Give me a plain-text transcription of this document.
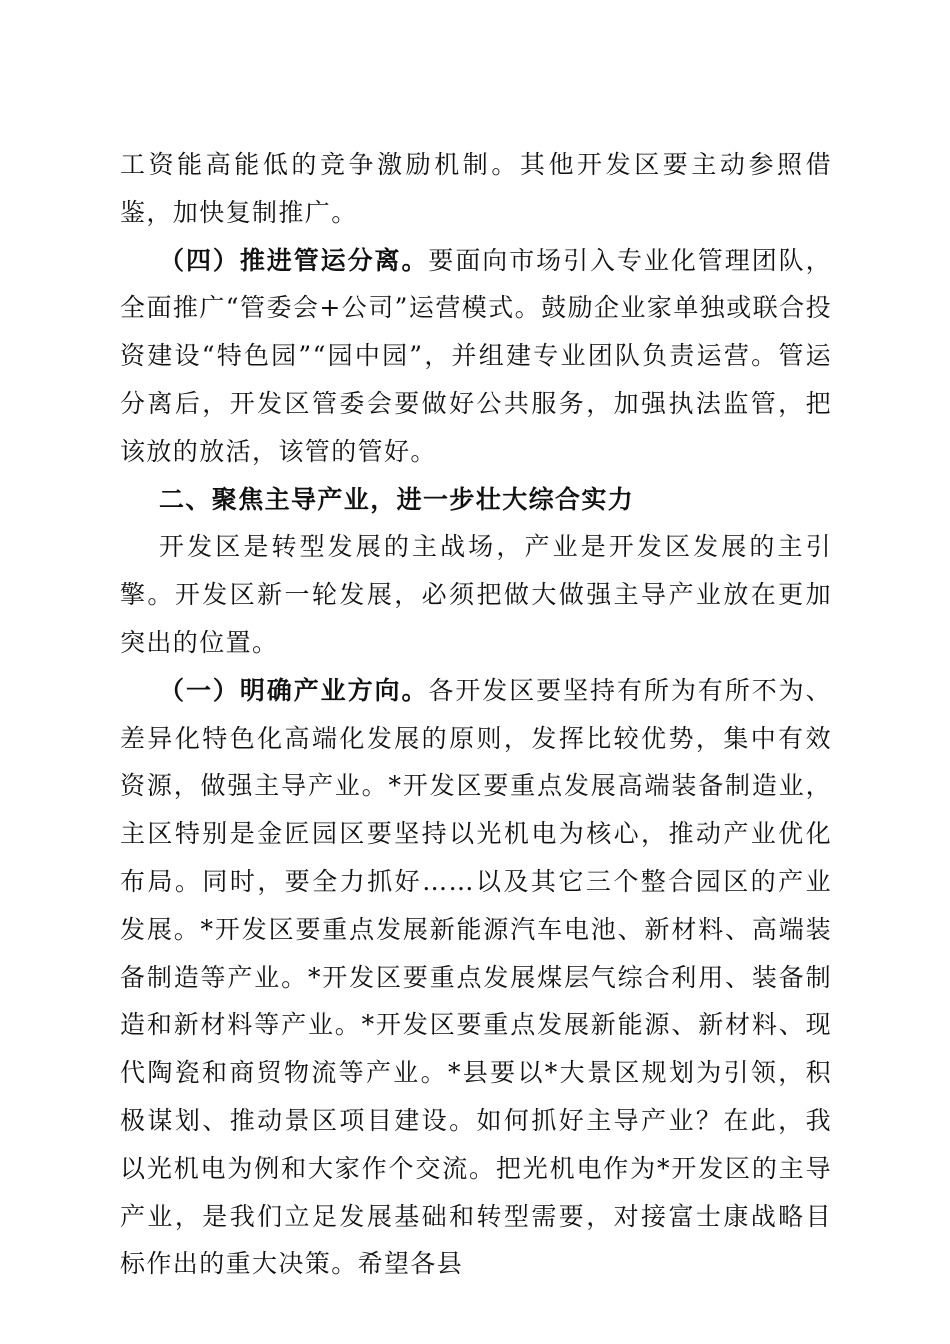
工资能高能低的竞争激励机制。其他开发区要主动参照借鉴，加快复制推广。

（四）推进管运分离。要面向市场引入专业化管理团队，全面推广“管委会+公司”运营模式。鼓励企业家单独或联合投资建设“特色园”“园中园”，并组建专业团队负责运营。管运分离后，开发区管委会要做好公共服务，加强执法监管，把该放的放活，该管的管好。

二、聚焦主导产业，进一步壮大综合实力

开发区是转型发展的主战场，产业是开发区发展的主引擎。开发区新一轮发展，必须把做大做强主导产业放在更加突出的位置。

（一）明确产业方向。各开发区要坚持有所为有所不为、差异化特色化高端化发展的原则，发挥比较优势，集中有效资源，做强主导产业。*开发区要重点发展高端装备制造业，主区特别是金匠园区要坚持以光机电为核心，推动产业优化布局。同时，要全力抓好……以及其它三个整合园区的产业发展。*开发区要重点发展新能源汽车电池、新材料、高端装备制造等产业。*开发区要重点发展煤层气综合利用、装备制造和新材料等产业。*开发区要重点发展新能源、新材料、现代陶瓷和商贸物流等产业。*县要以*大景区规划为引领，积极谋划、推动景区项目建设。如何抓好主导产业？在此，我以光机电为例和大家作个交流。把光机电作为*开发区的主导产业，是我们立足发展基础和转型需要，对接富士康战略目标作出的重大决策。希望各县
